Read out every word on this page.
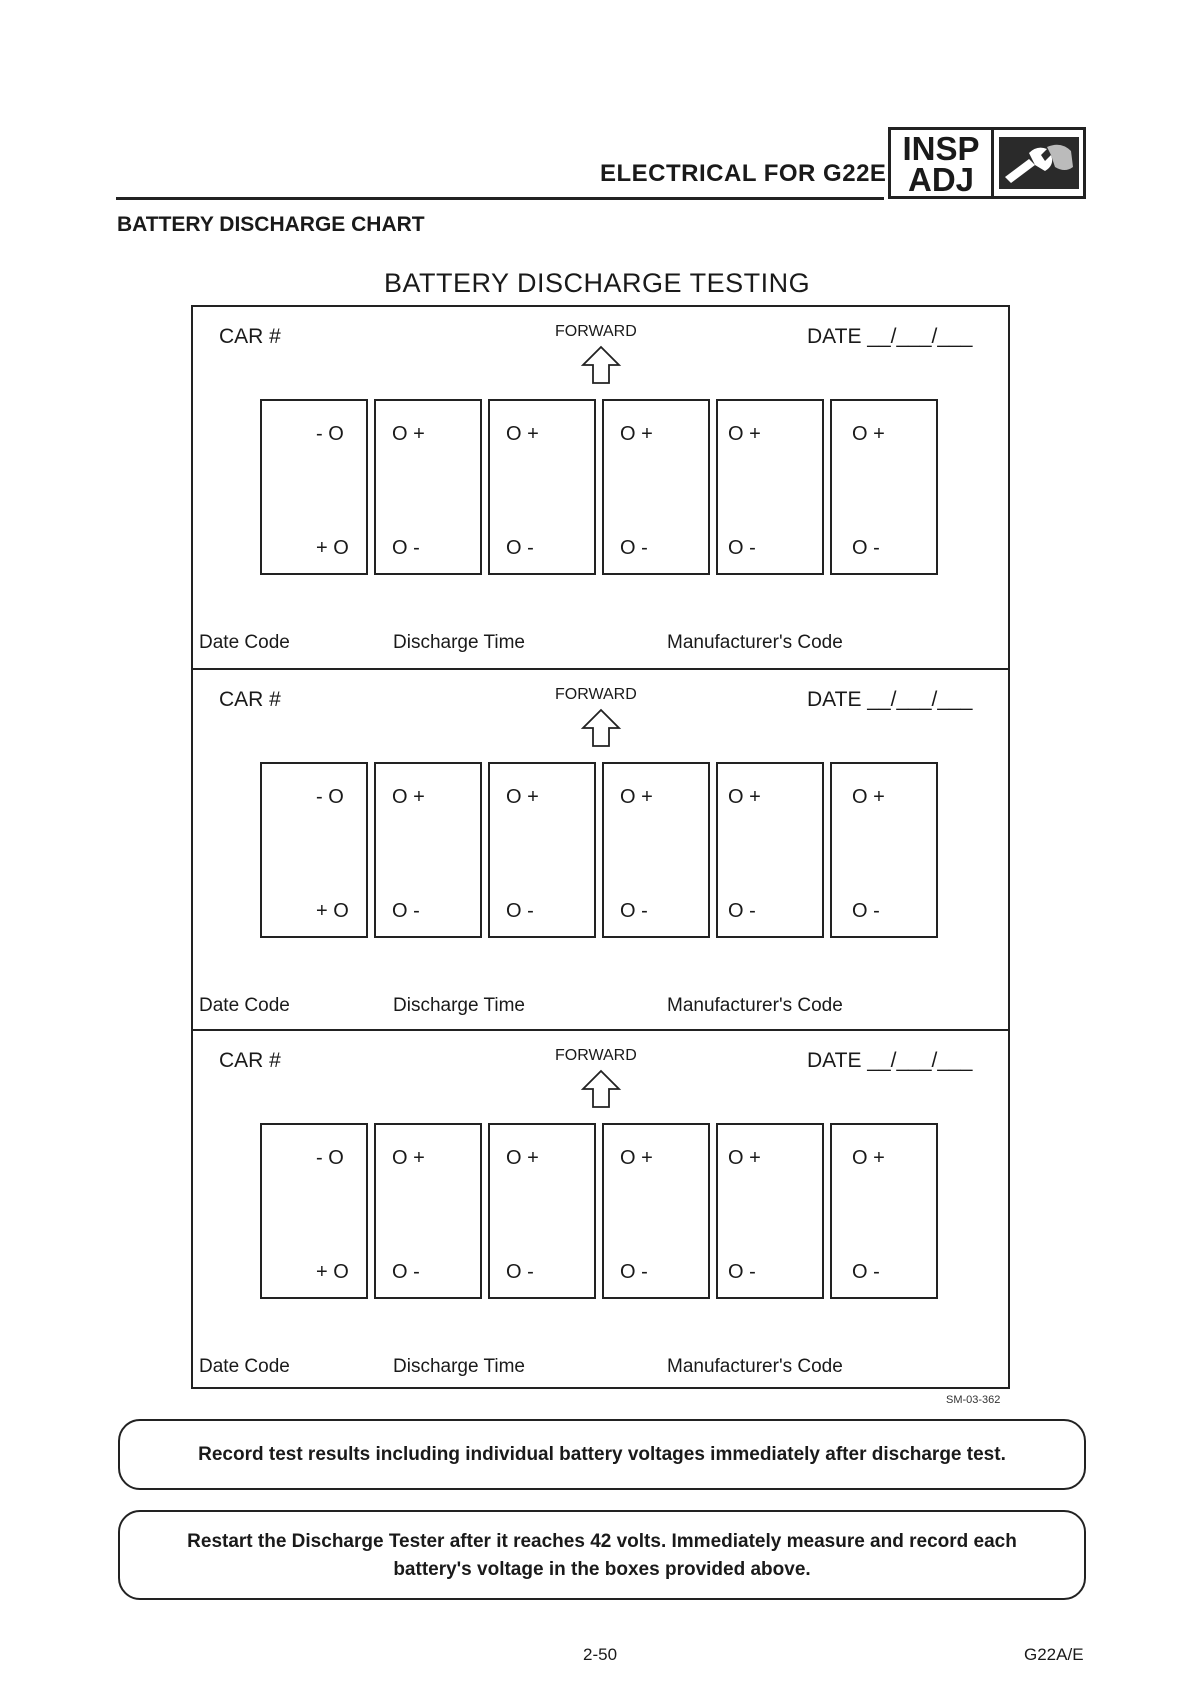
ELECTRICAL FOR G22E
INSP
ADJ
BATTERY DISCHARGE CHART
BATTERY DISCHARGE TESTING
CAR #	FORWARD	DATE __/___/___
- O
+ O
O +
O -
O +
O -
O +
O -
O +
O -
O +
O -
Date Code	Discharge Time	Manufacturer's Code
CAR #	FORWARD	DATE __/___/___
- O
+ O
O +
O -
O +
O -
O +
O -
O +
O -
O +
O -
Date Code	Discharge Time	Manufacturer's Code
CAR #	FORWARD	DATE __/___/___
- O
+ O
O +
O -
O +
O -
O +
O -
O +
O -
O +
O -
Date Code	Discharge Time	Manufacturer's Code
SM-03-362
Record test results including individual battery voltages immediately after discharge test.
Restart the Discharge Tester after it reaches 42 volts. Immediately measure and record each
battery's voltage in the boxes provided above.
2-50	G22A/E
